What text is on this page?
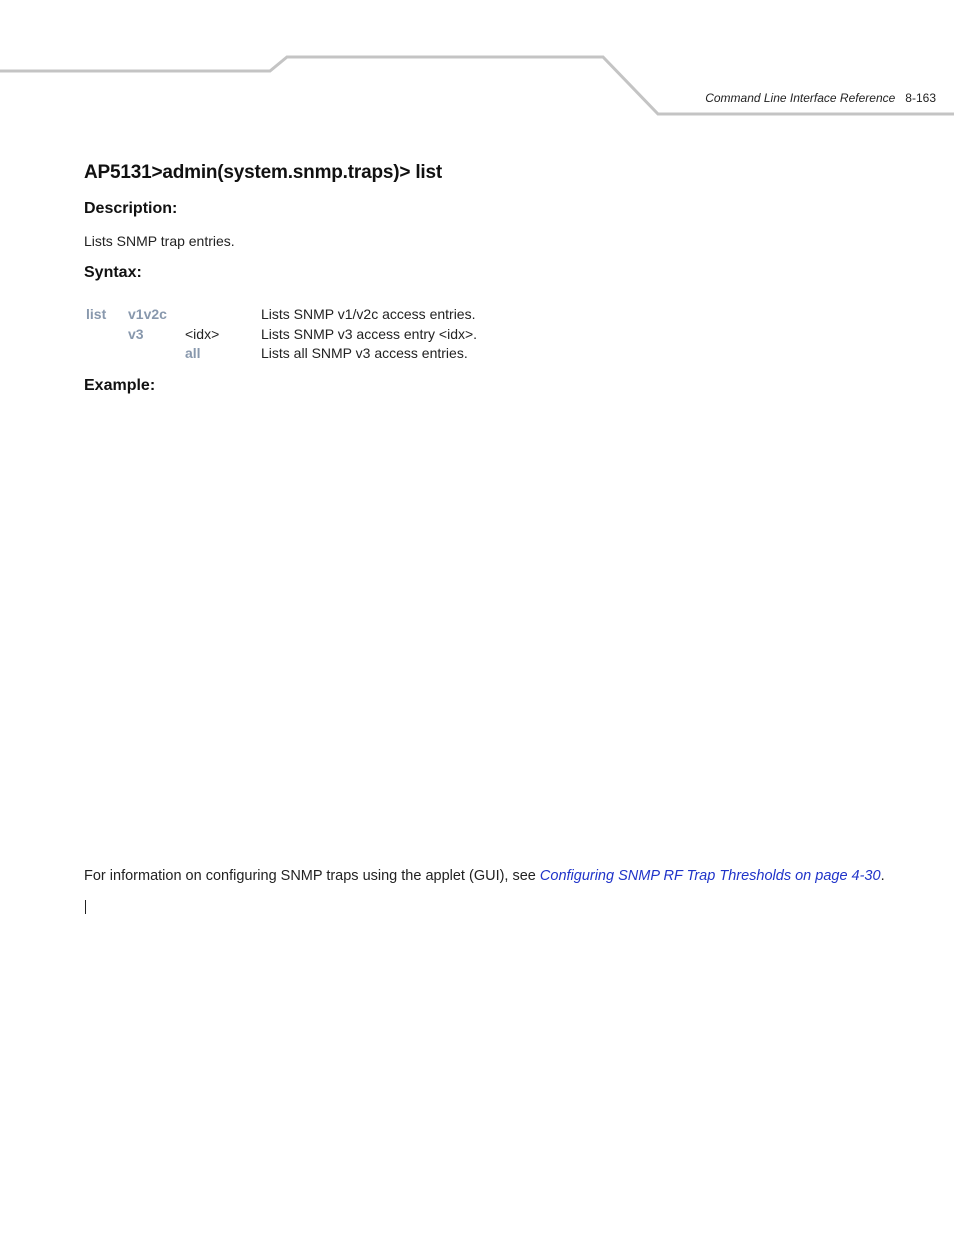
Command Line Interface Reference 8-163
AP5131>admin(system.snmp.traps)> list
Description:

Lists SNMP trap entries.

Syntax:
list	v1v2c		Lists SNMP v1/v2c access entries.
	v3	<idx>	Lists SNMP v3 access entry <idx>.
		all	Lists all SNMP v3 access entries.
Example:

For information on configuring SNMP traps using the applet (GUI), see Configuring SNMP RF Trap Thresholds on page 4-30.
